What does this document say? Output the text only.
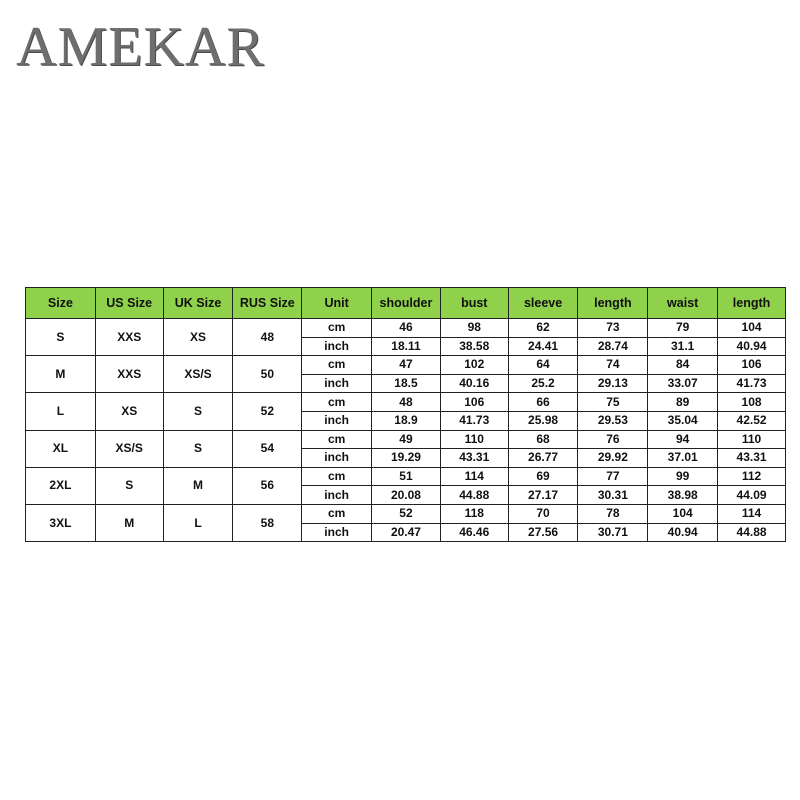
AMEKAR
Size	US Size	UK Size	RUS Size	Unit	shoulder	bust	sleeve	length	waist	length
S	XXS	XS	48	cm	46	98	62	73	79	104
				inch	18.11	38.58	24.41	28.74	31.1	40.94
M	XXS	XS/S	50	cm	47	102	64	74	84	106
				inch	18.5	40.16	25.2	29.13	33.07	41.73
L	XS	S	52	cm	48	106	66	75	89	108
				inch	18.9	41.73	25.98	29.53	35.04	42.52
XL	XS/S	S	54	cm	49	110	68	76	94	110
				inch	19.29	43.31	26.77	29.92	37.01	43.31
2XL	S	M	56	cm	51	114	69	77	99	112
				inch	20.08	44.88	27.17	30.31	38.98	44.09
3XL	M	L	58	cm	52	118	70	78	104	114
				inch	20.47	46.46	27.56	30.71	40.94	44.88
